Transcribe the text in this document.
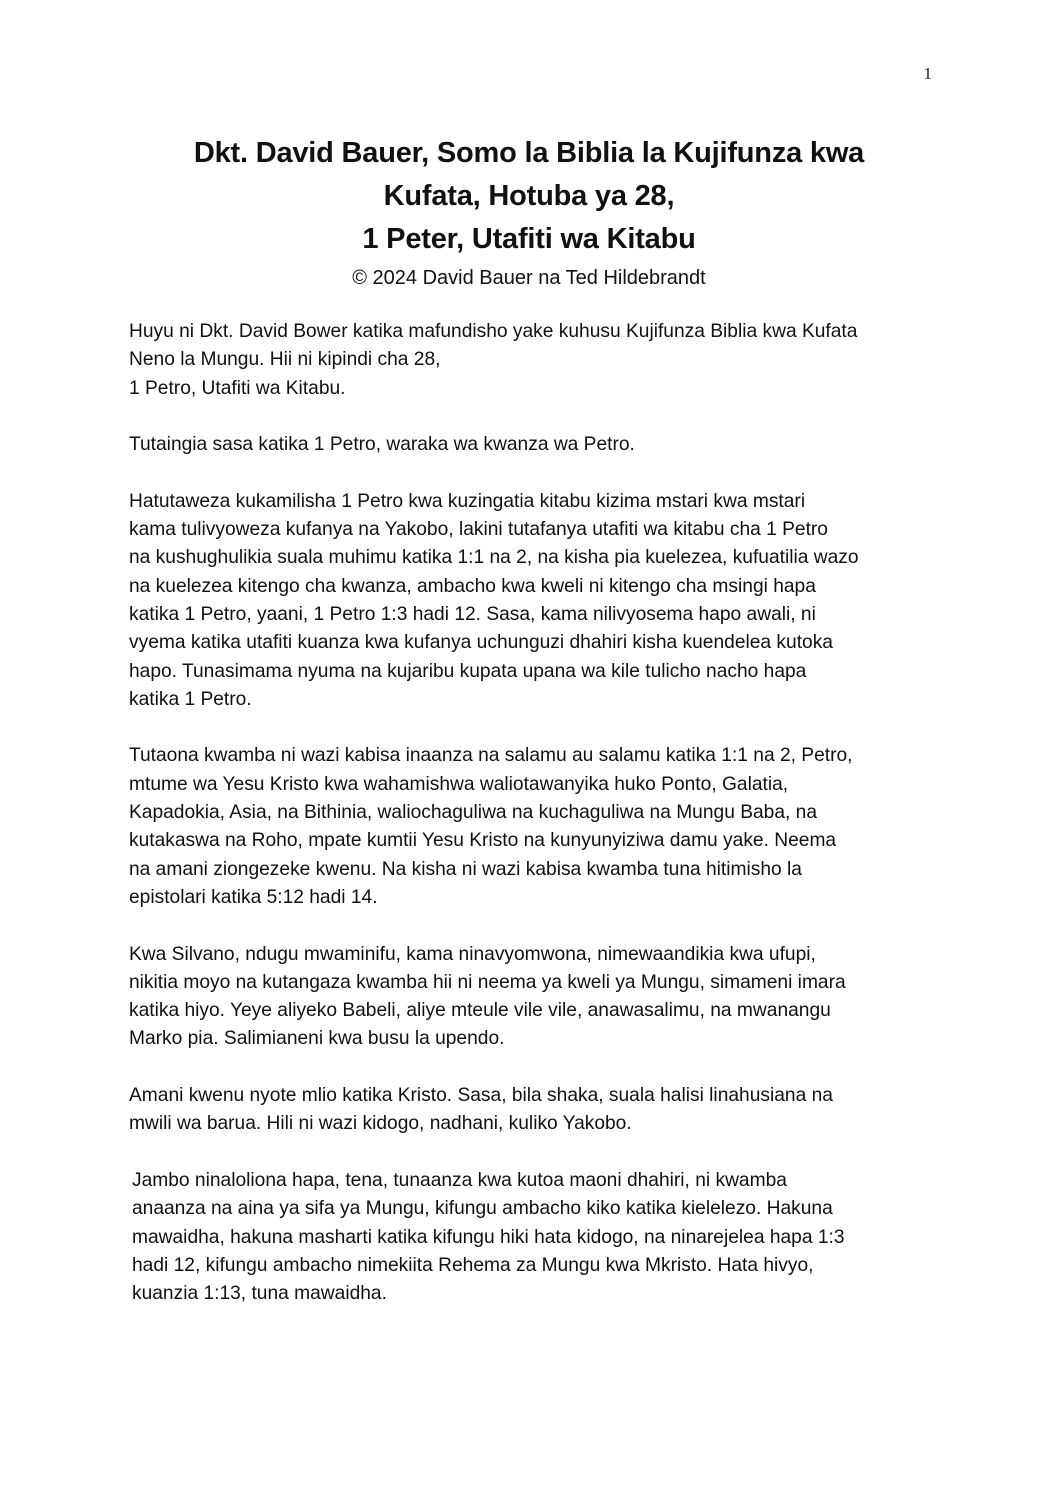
1
Dkt. David Bauer, Somo la Biblia la Kujifunza kwa
Kufata, Hotuba ya 28,
1 Peter, Utafiti wa Kitabu
© 2024 David Bauer na Ted Hildebrandt

Huyu ni Dkt. David Bower katika mafundisho yake kuhusu Kujifunza Biblia kwa Kufata
Neno la Mungu. Hii ni kipindi cha 28,
1 Petro, Utafiti wa Kitabu.

Tutaingia sasa katika 1 Petro, waraka wa kwanza wa Petro.

Hatutaweza kukamilisha 1 Petro kwa kuzingatia kitabu kizima mstari kwa mstari
kama tulivyoweza kufanya na Yakobo, lakini tutafanya utafiti wa kitabu cha 1 Petro
na kushughulikia suala muhimu katika 1:1 na 2, na kisha pia kuelezea, kufuatilia wazo
na kuelezea kitengo cha kwanza, ambacho kwa kweli ni kitengo cha msingi hapa
katika 1 Petro, yaani, 1 Petro 1:3 hadi 12. Sasa, kama nilivyosema hapo awali, ni
vyema katika utafiti kuanza kwa kufanya uchunguzi dhahiri kisha kuendelea kutoka
hapo. Tunasimama nyuma na kujaribu kupata upana wa kile tulicho nacho hapa
katika 1 Petro.

Tutaona kwamba ni wazi kabisa inaanza na salamu au salamu katika 1:1 na 2, Petro,
mtume wa Yesu Kristo kwa wahamishwa waliotawanyika huko Ponto, Galatia,
Kapadokia, Asia, na Bithinia, waliochaguliwa na kuchaguliwa na Mungu Baba, na
kutakaswa na Roho, mpate kumtii Yesu Kristo na kunyunyiziwa damu yake. Neema
na amani ziongezeke kwenu. Na kisha ni wazi kabisa kwamba tuna hitimisho la
epistolari katika 5:12 hadi 14.

Kwa Silvano, ndugu mwaminifu, kama ninavyomwona, nimewaandikia kwa ufupi,
nikitia moyo na kutangaza kwamba hii ni neema ya kweli ya Mungu, simameni imara
katika hiyo. Yeye aliyeko Babeli, aliye mteule vile vile, anawasalimu, na mwanangu
Marko pia. Salimianeni kwa busu la upendo.

Amani kwenu nyote mlio katika Kristo. Sasa, bila shaka, suala halisi linahusiana na
mwili wa barua. Hili ni wazi kidogo, nadhani, kuliko Yakobo.

Jambo ninaloliona hapa, tena, tunaanza kwa kutoa maoni dhahiri, ni kwamba
anaanza na aina ya sifa ya Mungu, kifungu ambacho kiko katika kielelezo. Hakuna
mawaidha, hakuna masharti katika kifungu hiki hata kidogo, na ninarejelea hapa 1:3
hadi 12, kifungu ambacho nimekiita Rehema za Mungu kwa Mkristo. Hata hivyo,
kuanzia 1:13, tuna mawaidha.
